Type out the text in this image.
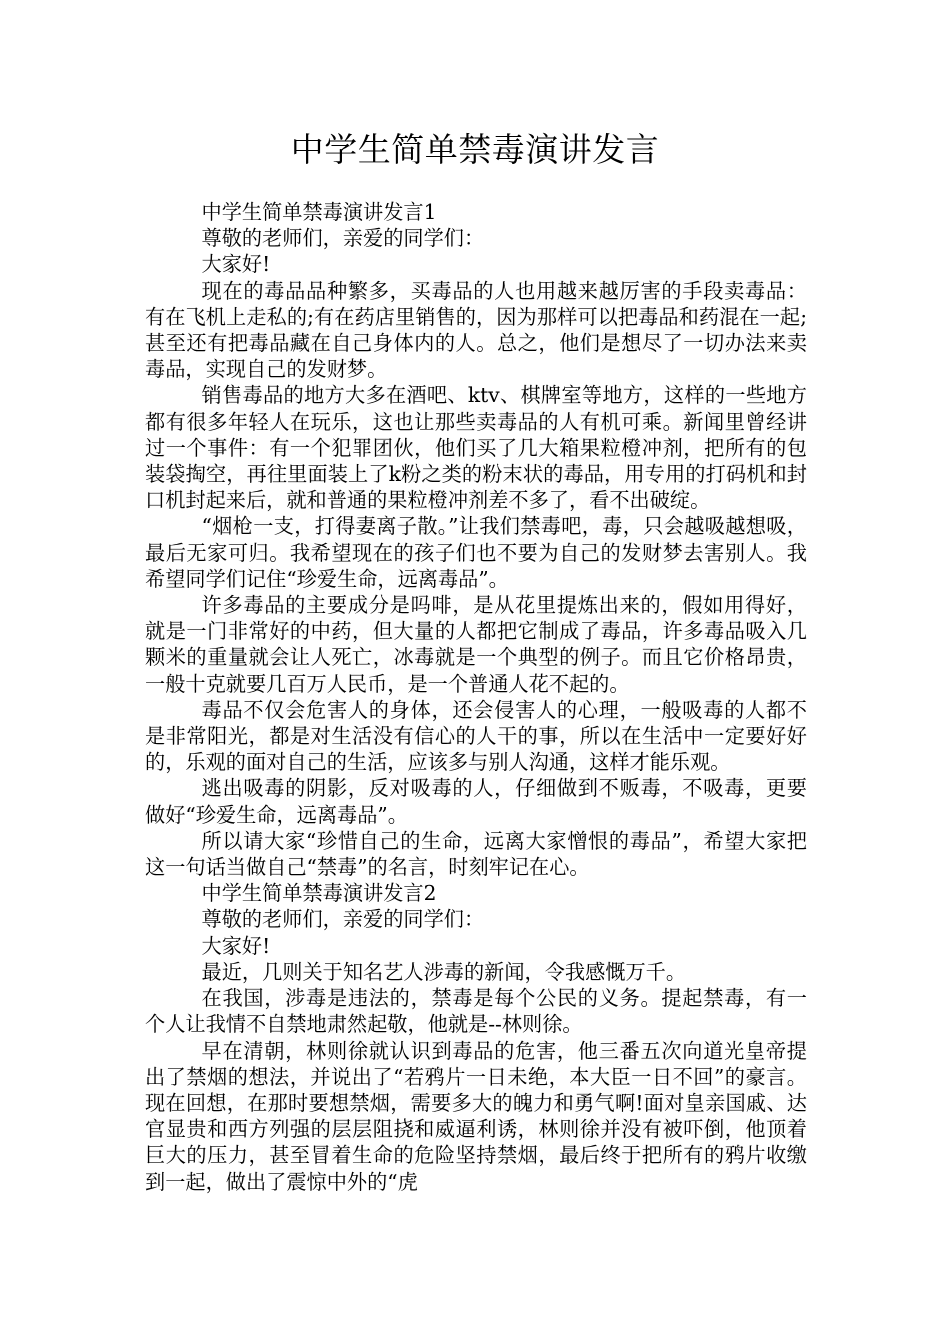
中学生简单禁毒演讲发言

中学生简单禁毒演讲发言1

尊敬的老师们，亲爱的同学们：

大家好!

现在的毒品品种繁多，买毒品的人也用越来越厉害的手段卖毒品：有在飞机上走私的;有在药店里销售的，因为那样可以把毒品和药混在一起;甚至还有把毒品藏在自己身体内的人。总之，他们是想尽了一切办法来卖毒品，实现自己的发财梦。

销售毒品的地方大多在酒吧、ktv、棋牌室等地方，这样的一些地方都有很多年轻人在玩乐，这也让那些卖毒品的人有机可乘。新闻里曾经讲过一个事件：有一个犯罪团伙，他们买了几大箱果粒橙冲剂，把所有的包装袋掏空，再往里面装上了k粉之类的粉末状的毒品，用专用的打码机和封口机封起来后，就和普通的果粒橙冲剂差不多了，看不出破绽。

“烟枪一支，打得妻离子散。”让我们禁毒吧，毒，只会越吸越想吸，最后无家可归。我希望现在的孩子们也不要为自己的发财梦去害别人。我希望同学们记住“珍爱生命，远离毒品”。

许多毒品的主要成分是吗啡，是从花里提炼出来的，假如用得好，就是一门非常好的中药，但大量的人都把它制成了毒品，许多毒品吸入几颗米的重量就会让人死亡，冰毒就是一个典型的例子。而且它价格昂贵，一般十克就要几百万人民币，是一个普通人花不起的。

毒品不仅会危害人的身体，还会侵害人的心理，一般吸毒的人都不是非常阳光，都是对生活没有信心的人干的事，所以在生活中一定要好好的，乐观的面对自己的生活，应该多与别人沟通，这样才能乐观。

逃出吸毒的阴影，反对吸毒的人，仔细做到不贩毒，不吸毒，更要做好“珍爱生命，远离毒品”。

所以请大家“珍惜自己的生命，远离大家憎恨的毒品”，希望大家把这一句话当做自己“禁毒”的名言，时刻牢记在心。

中学生简单禁毒演讲发言2

尊敬的老师们，亲爱的同学们：

大家好!

最近，几则关于知名艺人涉毒的新闻，令我感慨万千。

在我国，涉毒是违法的，禁毒是每个公民的义务。提起禁毒，有一个人让我情不自禁地肃然起敬，他就是--林则徐。

早在清朝，林则徐就认识到毒品的危害，他三番五次向道光皇帝提出了禁烟的想法，并说出了“若鸦片一日未绝，本大臣一日不回”的豪言。现在回想，在那时要想禁烟，需要多大的魄力和勇气啊!面对皇亲国戚、达官显贵和西方列强的层层阻挠和威逼利诱，林则徐并没有被吓倒，他顶着巨大的压力，甚至冒着生命的危险坚持禁烟，最后终于把所有的鸦片收缴到一起，做出了震惊中外的“虎
